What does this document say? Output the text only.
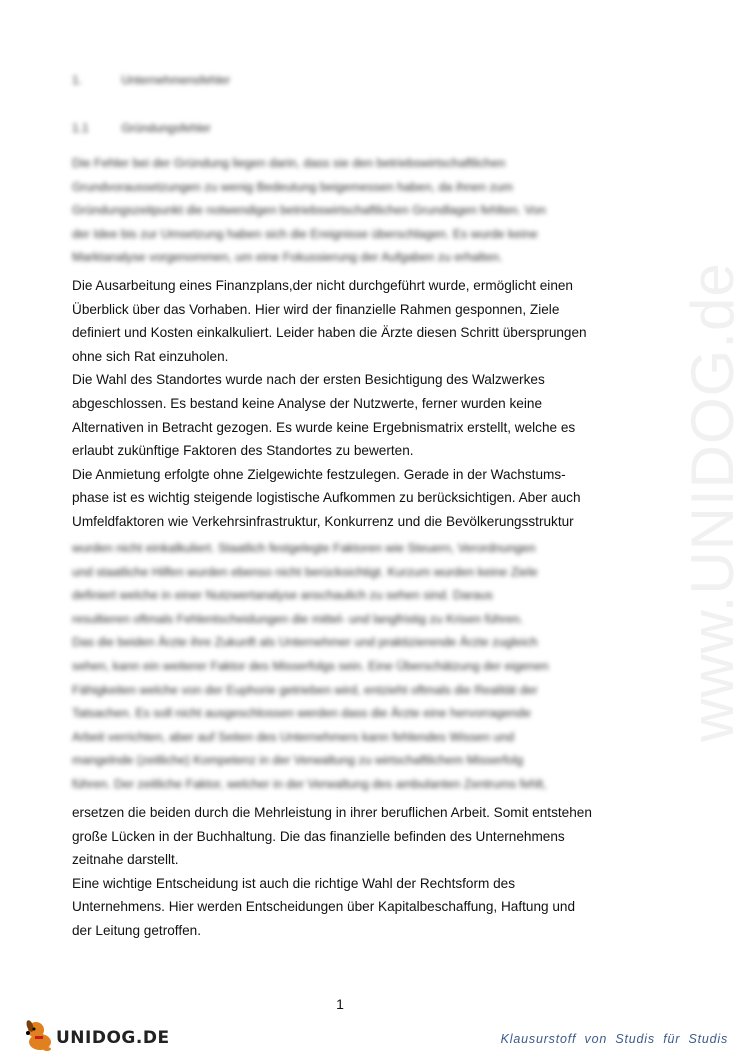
www.UNIDOG.de
1.	Unternehmensfehler
1.1	Gründungsfehler
Die Fehler bei der Gründung liegen darin, dass sie den betriebswirtschaftlichen
Grundvoraussetzungen zu wenig Bedeutung beigemessen haben, da ihnen zum
Gründungszeitpunkt die notwendigen betriebswirtschaftlichen Grundlagen fehlten. Von
der Idee bis zur Umsetzung haben sich die Ereignisse überschlagen. Es wurde keine
Marktanalyse vorgenommen, um eine Fokussierung der Aufgaben zu erhalten.
Die Ausarbeitung eines Finanzplans,der nicht durchgeführt wurde, ermöglicht einen
Überblick über das Vorhaben. Hier wird der finanzielle Rahmen gesponnen, Ziele
definiert und Kosten einkalkuliert. Leider haben die Ärzte diesen Schritt übersprungen
ohne sich Rat einzuholen.
Die Wahl des Standortes wurde nach der ersten Besichtigung des Walzwerkes
abgeschlossen. Es bestand keine Analyse der Nutzwerte, ferner wurden keine
Alternativen in Betracht gezogen. Es wurde keine Ergebnismatrix erstellt, welche es
erlaubt zukünftige Faktoren des Standortes zu bewerten.
Die Anmietung erfolgte ohne Zielgewichte festzulegen. Gerade in der Wachstums-
phase ist es wichtig steigende logistische Aufkommen zu berücksichtigen. Aber auch
Umfeldfaktoren wie Verkehrsinfrastruktur, Konkurrenz und die Bevölkerungsstruktur
wurden nicht einkalkuliert. Staatlich festgelegte Faktoren wie Steuern, Verordnungen
und staatliche Hilfen wurden ebenso nicht berücksichtigt. Kurzum wurden keine Ziele
definiert welche in einer Nutzwertanalyse anschaulich zu sehen sind. Daraus
resultieren oftmals Fehlentscheidungen die mittel- und langfristig zu Krisen führen.
Das die beiden Ärzte ihre Zukunft als Unternehmer und praktizierende Ärzte zugleich
sehen, kann ein weiterer Faktor des Misserfolgs sein. Eine Überschätzung der eigenen
Fähigkeiten welche von der Euphorie getrieben wird, entzieht oftmals die Realität der
Tatsachen. Es soll nicht ausgeschlossen werden dass die Ärzte eine hervorragende
Arbeit verrichten, aber auf Seiten des Unternehmers kann fehlendes Wissen und
mangelnde (zeitliche) Kompetenz in der Verwaltung zu wirtschaftlichem Misserfolg
führen. Der zeitliche Faktor, welcher in der Verwaltung des ambulanten Zentrums fehlt,
ersetzen die beiden durch die Mehrleistung in ihrer beruflichen Arbeit. Somit entstehen
große Lücken in der Buchhaltung. Die das finanzielle befinden des Unternehmens
zeitnahe darstellt.
Eine wichtige Entscheidung ist auch die richtige Wahl der Rechtsform des
Unternehmens. Hier werden Entscheidungen über Kapitalbeschaffung, Haftung und
der Leitung getroffen.
1
UNIDOG.DE	Klausurstoff von Studis für Studis
